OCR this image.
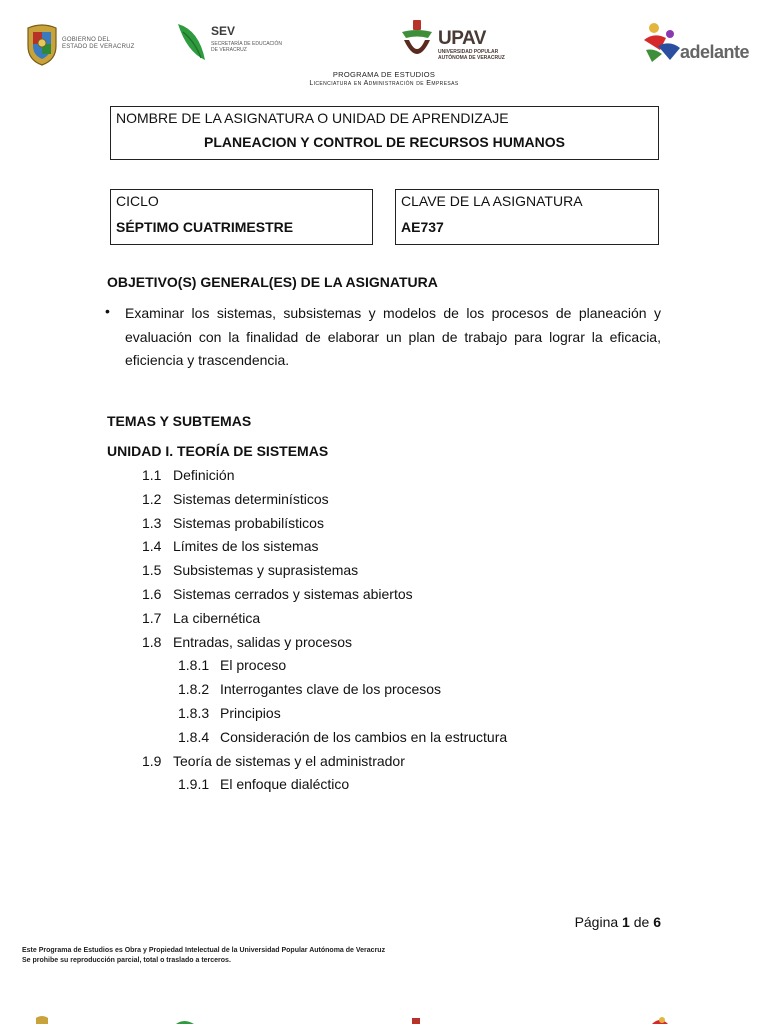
GOBIERNO DEL
ESTADO DE VERACRUZ
SEV
SECRETARÍA DE EDUCACIÓN
DE VERACRUZ
UPAV
UNIVERSIDAD POPULAR
AUTÓNOMA DE VERACRUZ	adelante
PROGRAMA DE ESTUDIOS
Licenciatura en Administración de Empresas
NOMBRE DE LA ASIGNATURA O UNIDAD DE APRENDIZAJE
PLANEACION Y CONTROL DE RECURSOS HUMANOS
CICLO
SÉPTIMO CUATRIMESTRE
CLAVE DE LA ASIGNATURA
AE737
OBJETIVO(S) GENERAL(ES) DE LA ASIGNATURA
• Examinar los sistemas, subsistemas y modelos de los procesos de planeación y evaluación con la finalidad de elaborar un plan de trabajo para lograr la eficacia, eficiencia y trascendencia.
TEMAS Y SUBTEMAS
UNIDAD I. TEORÍA DE SISTEMAS
1.1 Definición
1.2 Sistemas determinísticos
1.3 Sistemas probabilísticos
1.4 Límites de los sistemas
1.5 Subsistemas y suprasistemas
1.6 Sistemas cerrados y sistemas abiertos
1.7 La cibernética
1.8 Entradas, salidas y procesos
1.8.1 El proceso
1.8.2 Interrogantes clave de los procesos
1.8.3 Principios
1.8.4 Consideración de los cambios en la estructura
1.9 Teoría de sistemas y el administrador
1.9.1 El enfoque dialéctico
Página 1 de 6
Este Programa de Estudios es Obra y Propiedad Intelectual de la Universidad Popular Autónoma de Veracruz
Se prohibe su reproducción parcial, total o traslado a terceros.
